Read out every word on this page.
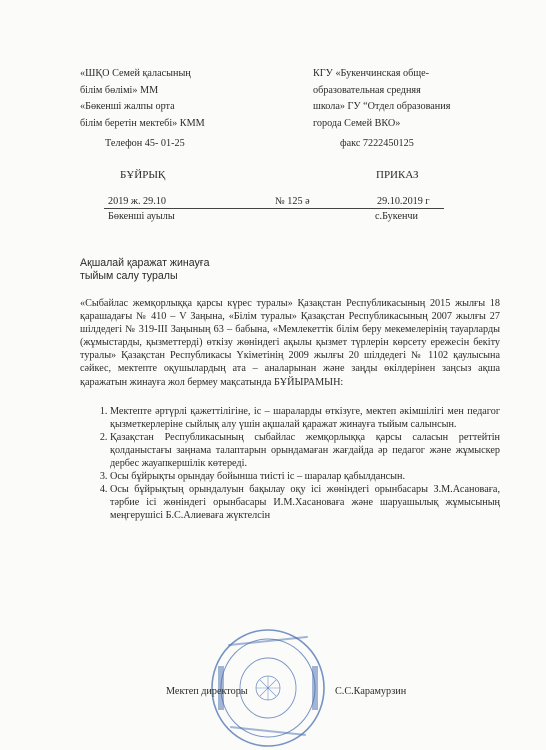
«ШҚО Семей қаласының
білім бөлімі» ММ
«Бөкеншi жалпы орта
білім беретін мектебі» КММ
КГУ «Букенчинская обще-
образовательная средняя
школа» ГУ “Отдел образования
города Семей ВКО»
Телефон 45- 01-25	факс 7222450125
БҰЙРЫҚ	ПРИКАЗ
2019 ж. 29.10	№ 125 ә	29.10.2019 г
Бөкеншi ауылы	с.Букенчи
Ақшалай қаражат жинауға
тыйым салу туралы

«Сыбайлас жемқорлыққа қарсы күрес туралы» Қазақстан Республикасының 2015 жылғы 18 қарашадағы № 410 – V Заңына, «Білім туралы» Қазақстан Республикасының 2007 жылғы 27 шілдедегі № 319-ІІІ Заңының 63 – бабына, «Мемлекеттік білім беру мекемелерінің тауарларды (жұмыстарды, қызметтерді) өткізу жөніндегі ақылы қызмет түрлерін көрсету ережесін бекіту туралы» Қазақстан Республикасы Үкіметінің 2009 жылғы 20 шілдедегі № 1102 қаулысына сәйкес, мектепте оқушылардың ата – аналарынан және заңды өкілдерінен заңсыз ақша қаражатын жинауға жол бермеу мақсатында БҰЙЫРАМЫН:

1. Мектепте әртүрлі қажеттілігіне, іс – шараларды өткізуге, мектеп әкімшілігі мен педагог қызметкерлеріне сыйлық алу үшін ақшалай қаражат жинауға тыйым салынсын.
2. Қазақстан Республикасының сыбайлас жемқорлыққа қарсы саласын реттейтін қолданыстағы заңнама талаптарын орындамаған жағдайда әр педагог және жұмыскер дербес жауапкершілік көтереді.
3. Осы бұйрықты орындау бойынша тиісті іс – шаралар қабылдансын.
4. Осы бұйрықтың орындалуын бақылау оқу ісі жөніндегі орынбасары З.М.Асановаға, тәрбие ісі жөніндегі орынбасары И.М.Хасановаға және шаруашылық жұмысының меңгерушісі Б.С.Алиеваға жүктелсін
Мектеп директоры	С.С.Карамурзин
